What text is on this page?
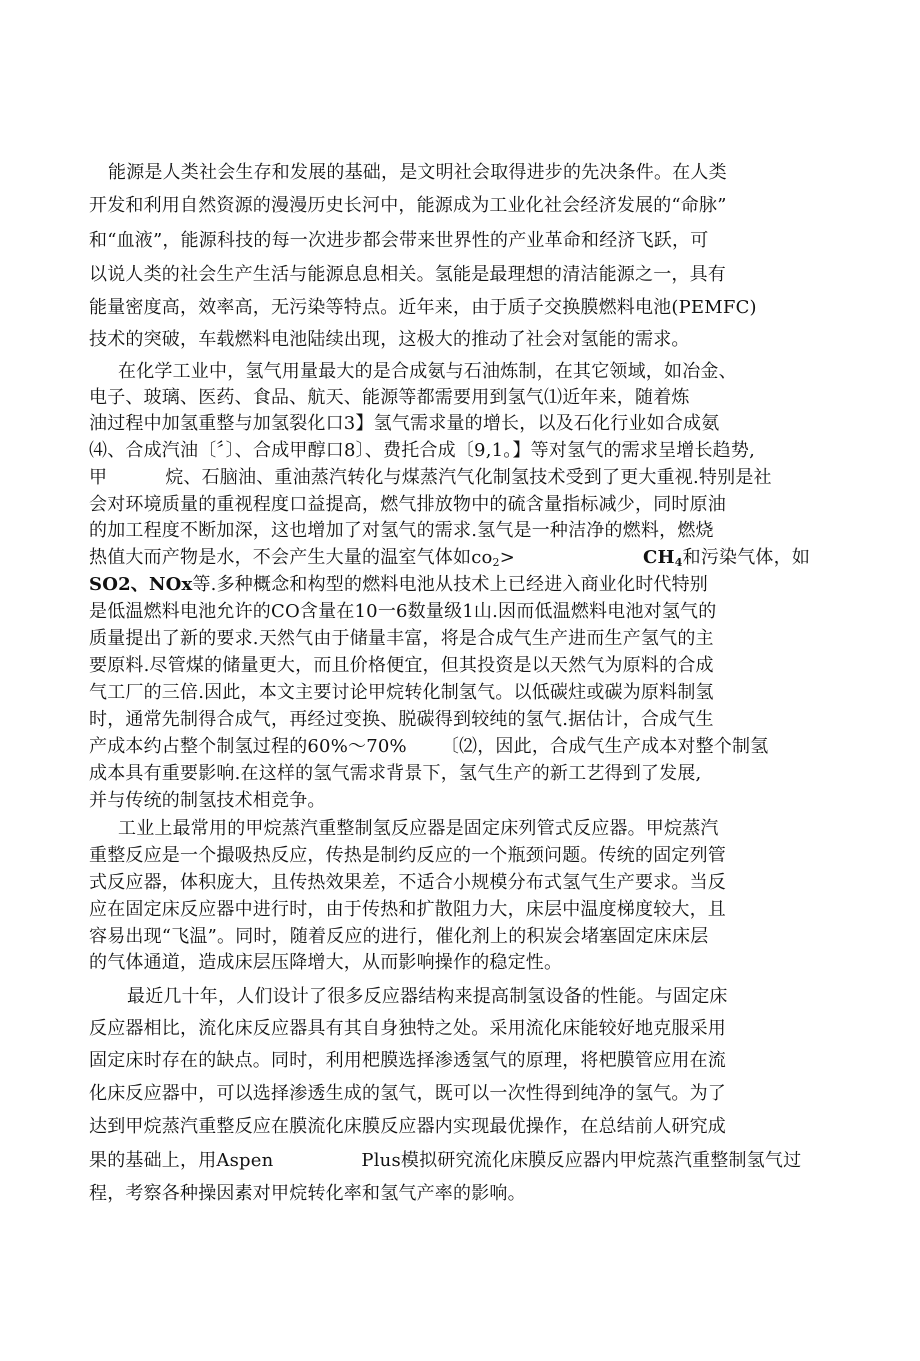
能源是人类社会生存和发展的基础，是文明社会取得进步的先决条件。在人类
开发和利用自然资源的漫漫历史长河中，能源成为工业化社会经济发展的“命脉”
和“血液”，能源科技的每一次进步都会带来世界性的产业革命和经济飞跃，可
以说人类的社会生产生活与能源息息相关。氢能是最理想的清洁能源之一，具有
能量密度高，效率高，无污染等特点。近年来，由于质子交换膜燃料电池(PEMFC)
技术的突破，车载燃料电池陆续出现，这极大的推动了社会对氢能的需求。
在化学工业中，氢气用量最大的是合成氨与石油炼制，在其它领域，如冶金、
电子、玻璃、医药、食品、航天、能源等都需要用到氢气⑴近年来，随着炼
油过程中加氢重整与加氢裂化口3】氢气需求量的增长，以及石化行业如合成氨
⑷、合成汽油〔〞〕、合成甲醇口8〕、费托合成〔9,1。】等对氢气的需求呈增长趋势,
甲	烷、石脑油、重油蒸汽转化与煤蒸汽气化制氢技术受到了更大重视.特别是社
会对环境质量的重视程度口益提高，燃气排放物中的硫含量指标减少，同时原油
的加工程度不断加深，这也增加了对氢气的需求.氢气是一种洁净的燃料，燃烧
热值大而产物是水，不会产生大量的温室气体如$co_2>$	$CH_4$和污染气体，如
SO2、NOx等.多种概念和构型的燃料电池从技术上已经进入商业化时代特别
是低温燃料电池允许的CO含量在10一6数量级1山.因而低温燃料电池对氢气的
质量提出了新的要求.天然气由于储量丰富，将是合成气生产进而生产氢气的主
要原料.尽管煤的储量更大，而且价格便宜，但其投资是以天然气为原料的合成
气工厂的三倍.因此，本文主要讨论甲烷转化制氢气。以低碳炷或碳为原料制氢
时，通常先制得合成气，再经过变换、脱碳得到较纯的氢气.据估计，合成气生
产成本约占整个制氢过程的60%～70% 〔⑵，因此，合成气生产成本对整个制氢
成本具有重要影响.在这样的氢气需求背景下，氢气生产的新工艺得到了发展,
并与传统的制氢技术相竞争。
工业上最常用的甲烷蒸汽重整制氢反应器是固定床列管式反应器。甲烷蒸汽
重整反应是一个撮吸热反应，传热是制约反应的一个瓶颈问题。传统的固定列管
式反应器，体积庞大，且传热效果差，不适合小规模分布式氢气生产要求。当反
应在固定床反应器中进行时，由于传热和扩散阻力大，床层中温度梯度较大，且
容易出现“飞温”。同时，随着反应的进行，催化剂上的积炭会堵塞固定床床层
的气体通道，造成床层压降增大，从而影响操作的稳定性。
最近几十年，人们设计了很多反应器结构来提高制氢设备的性能。与固定床
反应器相比，流化床反应器具有其自身独特之处。采用流化床能较好地克服采用
固定床时存在的缺点。同时，利用杷膜选择渗透氢气的原理，将杷膜管应用在流
化床反应器中，可以选择渗透生成的氢气，既可以一次性得到纯净的氢气。为了
达到甲烷蒸汽重整反应在膜流化床膜反应器内实现最优操作，在总结前人研究成
果的基础上，用Aspen	Plus模拟研究流化床膜反应器内甲烷蒸汽重整制氢气过
程，考察各种操因素对甲烷转化率和氢气产率的影响。
